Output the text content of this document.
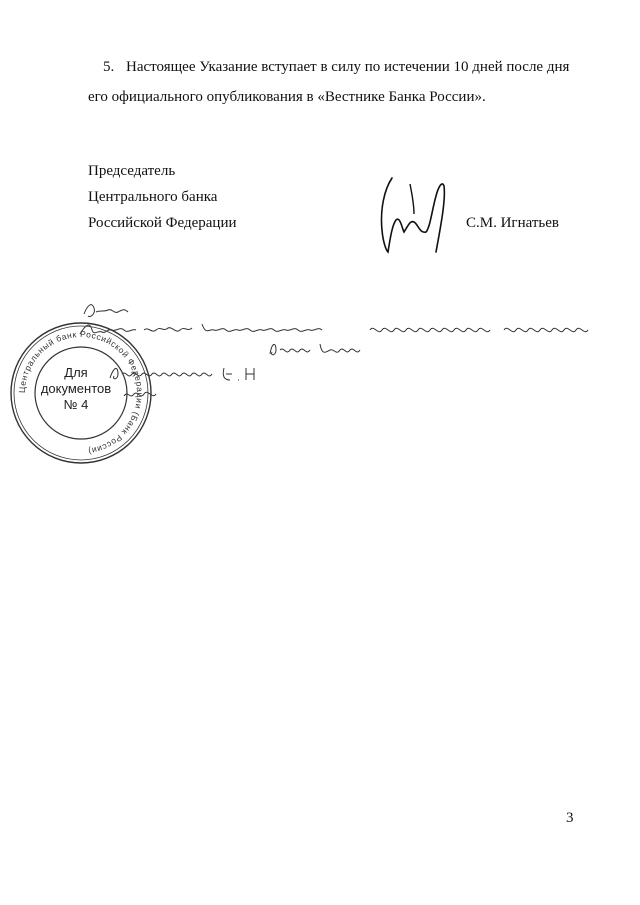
5. Настоящее Указание вступает в силу по истечении 10 дней после дня
его официального опубликования в «Вестнике Банка России».
Председатель
Центрального банка
Российской Федерации	С.М. Игнатьев
Центральный банк Российской Федерации (Банк России)
Для
документов
№ 4
3
